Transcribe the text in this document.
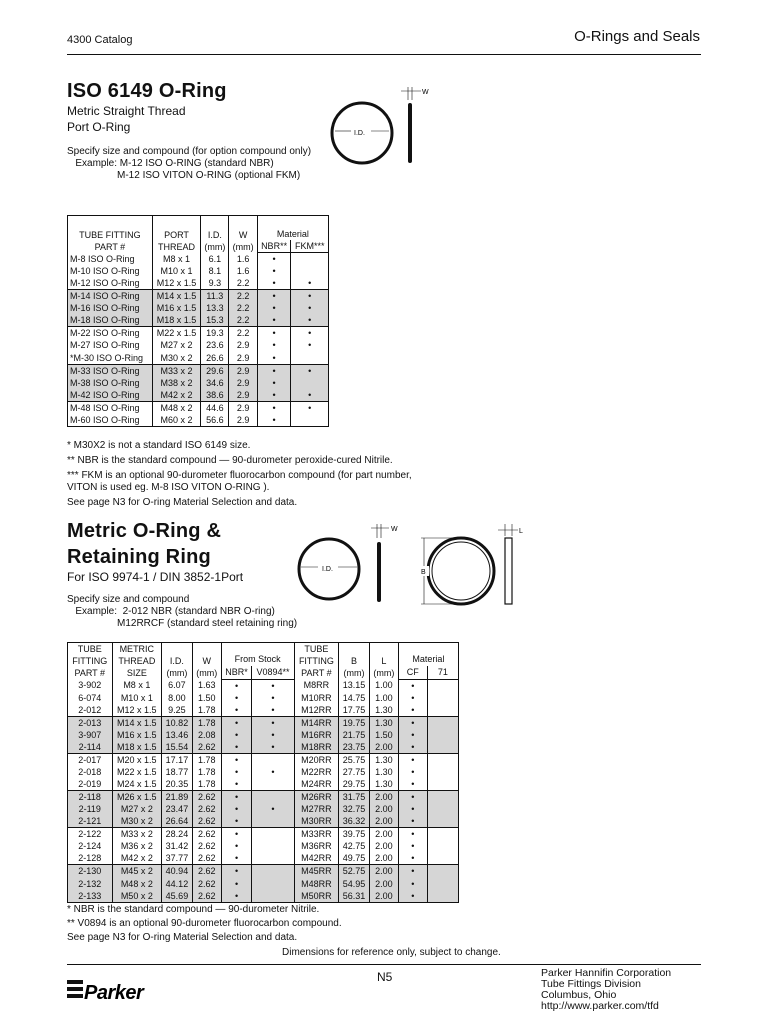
4300 Catalog	O-Rings and Seals
ISO 6149 O-Ring
Metric Straight Thread
Port O-Ring
Specify size and compound (for option compound only)
Example: M-12 ISO O-RING (standard NBR)
M-12 ISO VITON O-RING (optional FKM)
I.D.
W
TUBE FITTING
PART #	PORT
THREAD	I.D.
(mm)	W
(mm)	Material	
				NBR**	FKM***
M-8 ISO O-Ring	M8 x 1	6.1	1.6	•	
M-10 ISO O-Ring	M10 x 1	8.1	1.6	•	
M-12 ISO O-Ring	M12 x 1.5	9.3	2.2	•	•
M-14 ISO O-Ring	M14 x 1.5	11.3	2.2	•	•
M-16 ISO O-Ring	M16 x 1.5	13.3	2.2	•	•
M-18 ISO O-Ring	M18 x 1.5	15.3	2.2	•	•
M-22 ISO O-Ring	M22 x 1.5	19.3	2.2	•	•
M-27 ISO O-Ring	M27 x 2	23.6	2.9	•	•
*M-30 ISO O-Ring	M30 x 2	26.6	2.9	•	
M-33 ISO O-Ring	M33 x 2	29.6	2.9	•	•
M-38 ISO O-Ring	M38 x 2	34.6	2.9	•	
M-42 ISO O-Ring	M42 x 2	38.6	2.9	•	•
M-48 ISO O-Ring	M48 x 2	44.6	2.9	•	•
M-60 ISO O-Ring	M60 x 2	56.6	2.9	•	
* M30X2 is not a standard ISO 6149 size.
** NBR is the standard compound — 90-durometer peroxide-cured Nitrile.
*** FKM is an optional 90-durometer fluorocarbon compound (for part number,
VITON is used eg. M-8 ISO VITON O-RING ).
See page N3 for O-ring Material Selection and data.
Metric O-Ring &
Retaining Ring
For ISO 9974-1 / DIN 3852-1Port
Specify size and compound
Example:  2-012 NBR (standard NBR O-ring)
M12RRCF (standard steel retaining ring)
I.D.
W
B
L
TUBE
FITTING
PART #	METRIC
THREAD
SIZE	I.D.
(mm)	W
(mm)	From Stock		TUBE
FITTING
PART #	B
(mm)	L
(mm)	Material	
				NBR*	V0894**				CF	71
3-902	M8 x 1	6.07	1.63	•	•	M8RR	13.15	1.00	•	
6-074	M10 x 1	8.00	1.50	•	•	M10RR	14.75	1.00	•	
2-012	M12 x 1.5	9.25	1.78	•	•	M12RR	17.75	1.30	•	
2-013	M14 x 1.5	10.82	1.78	•	•	M14RR	19.75	1.30	•	
3-907	M16 x 1.5	13.46	2.08	•	•	M16RR	21.75	1.50	•	
2-114	M18 x 1.5	15.54	2.62	•	•	M18RR	23.75	2.00	•	
2-017	M20 x 1.5	17.17	1.78	•		M20RR	25.75	1.30	•	
2-018	M22 x 1.5	18.77	1.78	•	•	M22RR	27.75	1.30	•	
2-019	M24 x 1.5	20.35	1.78	•		M24RR	29.75	1.30	•	
2-118	M26 x 1.5	21.89	2.62	•		M26RR	31.75	2.00	•	
2-119	M27 x 2	23.47	2.62	•	•	M27RR	32.75	2.00	•	
2-121	M30 x 2	26.64	2.62	•		M30RR	36.32	2.00	•	
2-122	M33 x 2	28.24	2.62	•		M33RR	39.75	2.00	•	
2-124	M36 x 2	31.42	2.62	•		M36RR	42.75	2.00	•	
2-128	M42 x 2	37.77	2.62	•		M42RR	49.75	2.00	•	
2-130	M45 x 2	40.94	2.62	•		M45RR	52.75	2.00	•	
2-132	M48 x 2	44.12	2.62	•		M48RR	54.95	2.00	•	
2-133	M50 x 2	45.69	2.62	•		M50RR	56.31	2.00	•	
* NBR is the standard compound — 90-durometer Nitrile.
** V0894 is an optional 90-durometer fluorocarbon compound.
See page N3 for O-ring Material Selection and data.
Dimensions for reference only, subject to change.
Parker
N5	Parker Hannifin Corporation
Tube Fittings Division
Columbus, Ohio
http://www.parker.com/tfd
